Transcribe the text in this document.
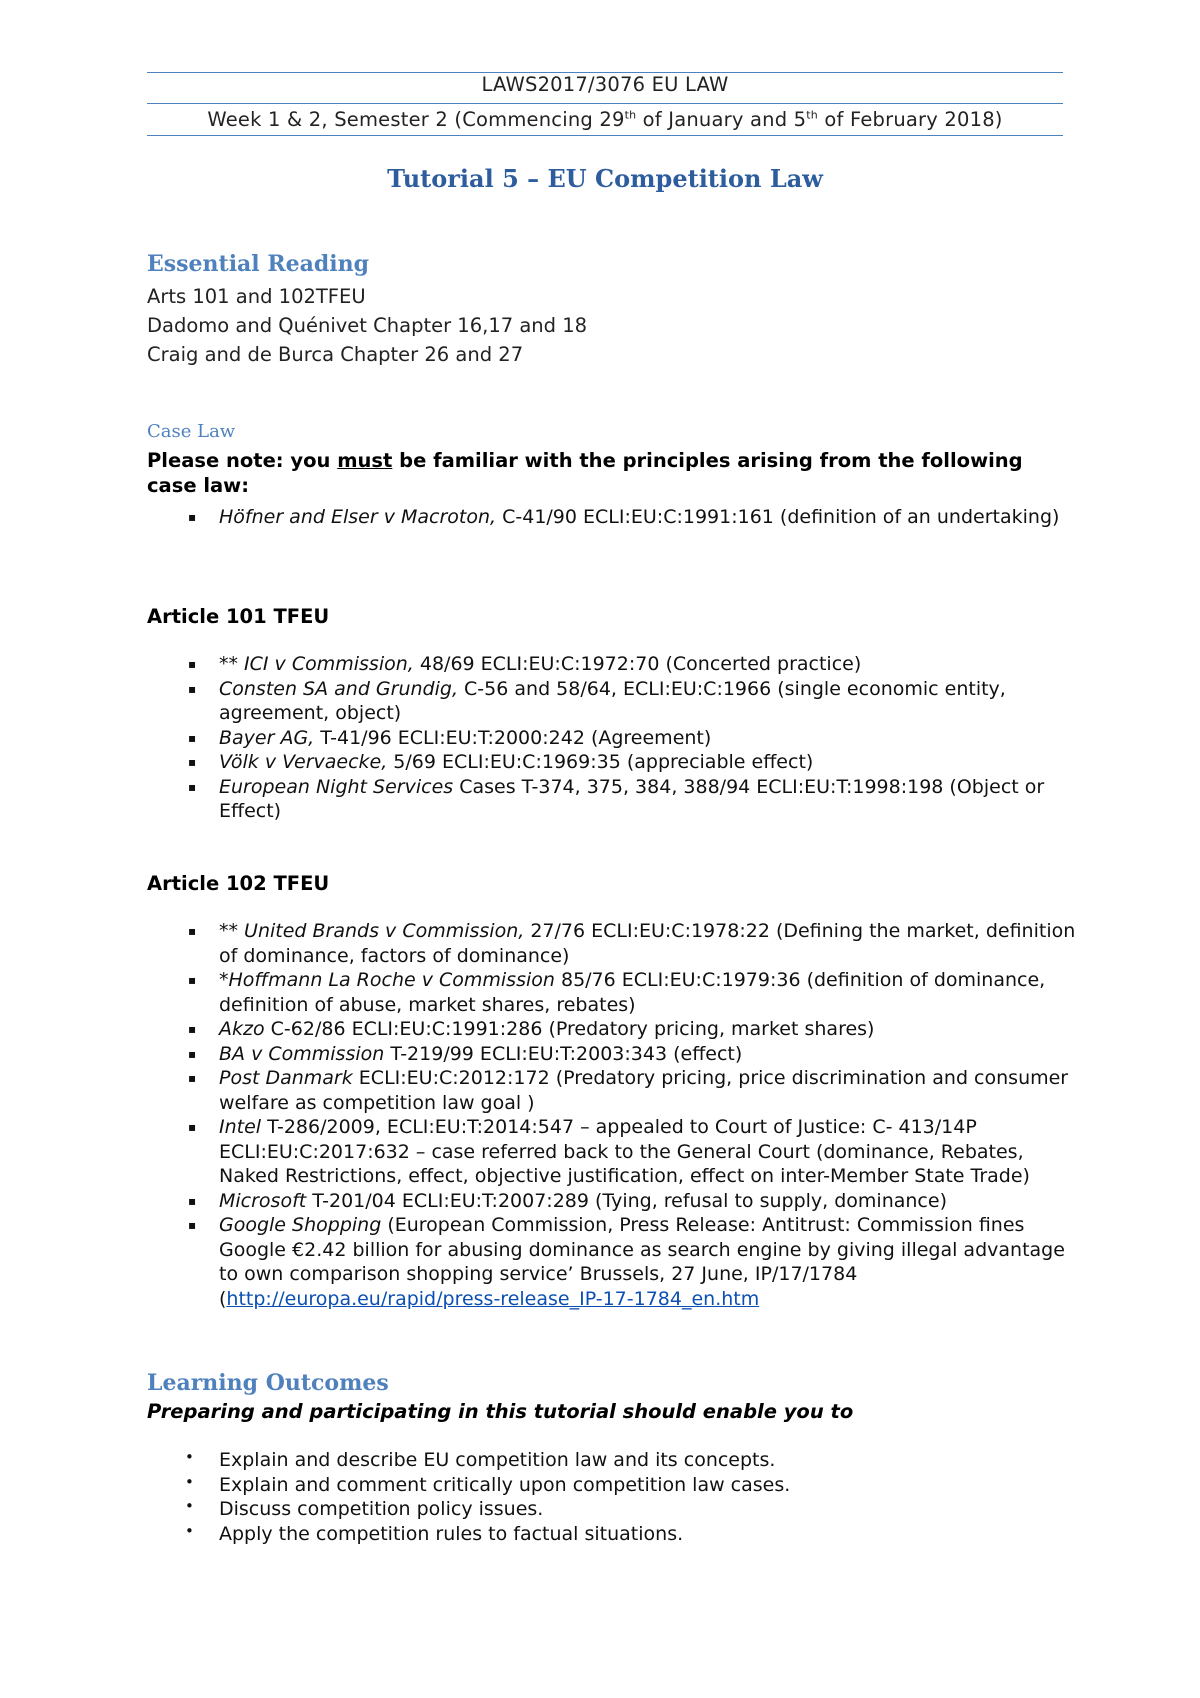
LAWS2017/3076 EU LAW
Week 1 & 2, Semester 2 (Commencing 29th of January and 5th of February 2018)
Tutorial 5 – EU Competition Law
Essential Reading
Arts 101 and 102TFEU
Dadomo and Quénivet Chapter 16,17 and 18
Craig and de Burca Chapter 26 and 27
Case Law
Please note: you must be familiar with the principles arising from the following case law:
▪ Höfner and Elser v Macroton, C-41/90 ECLI:EU:C:1991:161 (definition of an undertaking)
Article 101 TFEU
▪ ** ICI v Commission, 48/69 ECLI:EU:C:1972:70 (Concerted practice)
▪ Consten SA and Grundig, C-56 and 58/64, ECLI:EU:C:1966 (single economic entity, agreement, object)
▪ Bayer AG, T-41/96 ECLI:EU:T:2000:242 (Agreement)
▪ Völk v Vervaecke, 5/69 ECLI:EU:C:1969:35 (appreciable effect)
▪ European Night Services Cases T-374, 375, 384, 388/94 ECLI:EU:T:1998:198 (Object or Effect)
Article 102 TFEU
▪ ** United Brands v Commission, 27/76 ECLI:EU:C:1978:22 (Defining the market, definition of dominance, factors of dominance)
▪ *Hoffmann La Roche v Commission 85/76 ECLI:EU:C:1979:36 (definition of dominance, definition of abuse, market shares, rebates)
▪ Akzo C-62/86 ECLI:EU:C:1991:286 (Predatory pricing, market shares)
▪ BA v Commission T-219/99 ECLI:EU:T:2003:343 (effect)
▪ Post Danmark ECLI:EU:C:2012:172 (Predatory pricing, price discrimination and consumer welfare as competition law goal )
▪ Intel T-286/2009, ECLI:EU:T:2014:547 – appealed to Court of Justice: C- 413/14P ECLI:EU:C:2017:632 – case referred back to the General Court (dominance, Rebates, Naked Restrictions, effect, objective justification, effect on inter-Member State Trade)
▪ Microsoft T-201/04 ECLI:EU:T:2007:289 (Tying, refusal to supply, dominance)
▪ Google Shopping (European Commission, Press Release: Antitrust: Commission fines Google €2.42 billion for abusing dominance as search engine by giving illegal advantage to own comparison shopping service’ Brussels, 27 June, IP/17/1784 (http://europa.eu/rapid/press-release_IP-17-1784_en.htm
Learning Outcomes
Preparing and participating in this tutorial should enable you to
• Explain and describe EU competition law and its concepts.
• Explain and comment critically upon competition law cases.
• Discuss competition policy issues.
• Apply the competition rules to factual situations.
